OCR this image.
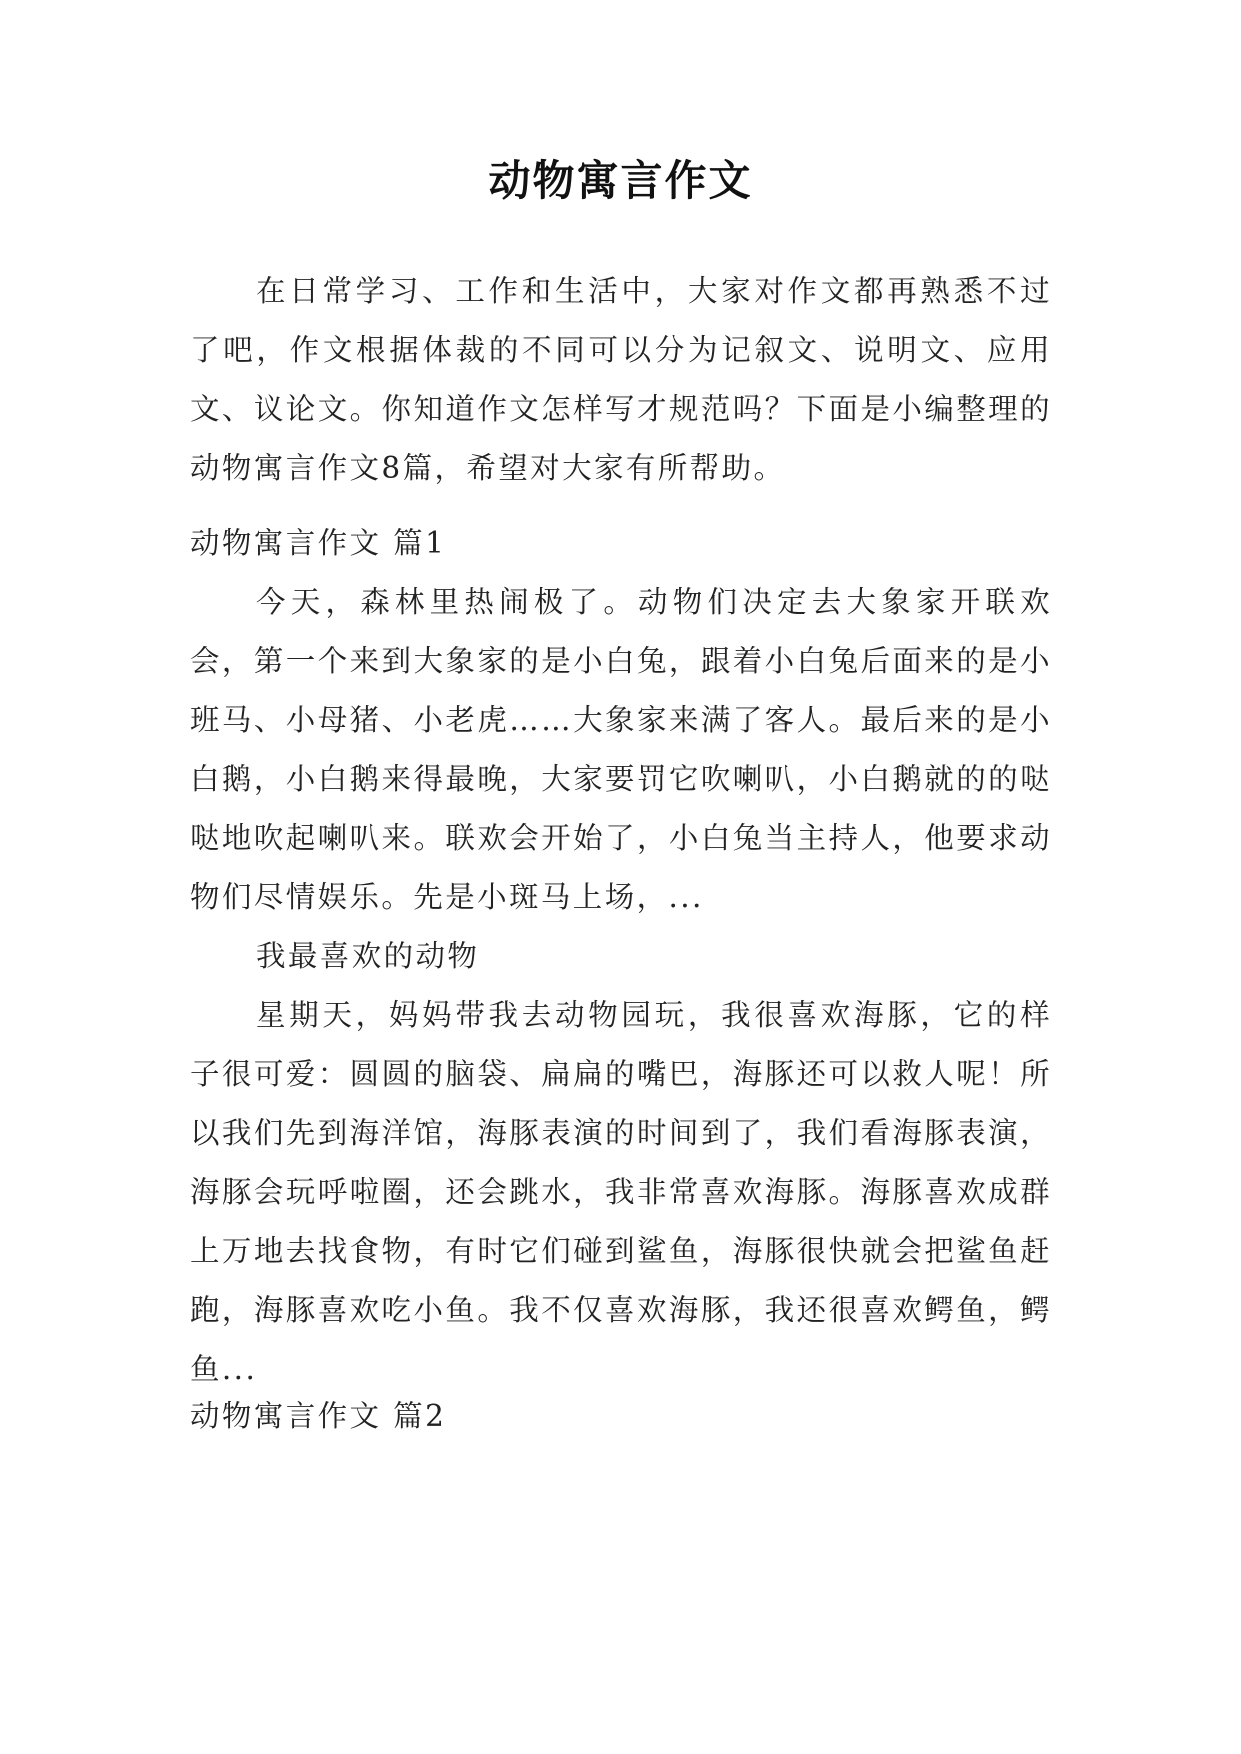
动物寓言作文

在日常学习、工作和生活中，大家对作文都再熟悉不过了吧，作文根据体裁的不同可以分为记叙文、说明文、应用文、议论文。你知道作文怎样写才规范吗？下面是小编整理的动物寓言作文8篇，希望对大家有所帮助。

动物寓言作文 篇1

今天，森林里热闹极了。动物们决定去大象家开联欢会，第一个来到大象家的是小白兔，跟着小白兔后面来的是小班马、小母猪、小老虎……大象家来满了客人。最后来的是小白鹅，小白鹅来得最晚，大家要罚它吹喇叭，小白鹅就的的哒哒地吹起喇叭来。联欢会开始了，小白兔当主持人，他要求动物们尽情娱乐。先是小斑马上场，...

我最喜欢的动物

星期天，妈妈带我去动物园玩，我很喜欢海豚，它的样子很可爱：圆圆的脑袋、扁扁的嘴巴，海豚还可以救人呢！所以我们先到海洋馆，海豚表演的时间到了，我们看海豚表演，海豚会玩呼啦圈，还会跳水，我非常喜欢海豚。海豚喜欢成群上万地去找食物，有时它们碰到鲨鱼，海豚很快就会把鲨鱼赶跑，海豚喜欢吃小鱼。我不仅喜欢海豚，我还很喜欢鳄鱼，鳄鱼...

动物寓言作文 篇2
